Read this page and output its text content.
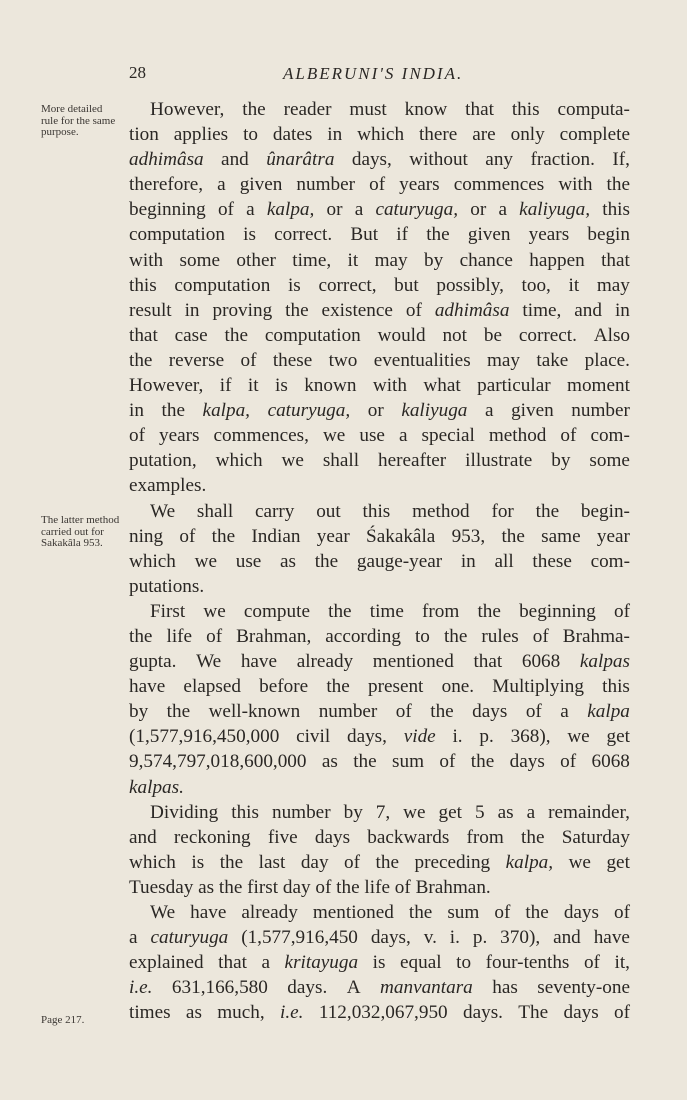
28	ALBERUNI'S INDIA.
More detailed rule for the same purpose.
The latter method carried out for Sakakâla 953.
Page 217.
However, the reader must know that this computa-
tion applies to dates in which there are only complete
adhimâsa and ûnarâtra days, without any fraction. If,
therefore, a given number of years commences with the
beginning of a kalpa, or a caturyuga, or a kaliyuga, this
computation is correct. But if the given years begin
with some other time, it may by chance happen that
this computation is correct, but possibly, too, it may
result in proving the existence of adhimâsa time, and in
that case the computation would not be correct. Also
the reverse of these two eventualities may take place.
However, if it is known with what particular moment
in the kalpa, caturyuga, or kaliyuga a given number
of years commences, we use a special method of com-
putation, which we shall hereafter illustrate by some
examples.
We shall carry out this method for the begin-
ning of the Indian year Śakakâla 953, the same year
which we use as the gauge-year in all these com-
putations.
First we compute the time from the beginning of
the life of Brahman, according to the rules of Brahma-
gupta. We have already mentioned that 6068 kalpas
have elapsed before the present one. Multiplying this
by the well-known number of the days of a kalpa
(1,577,916,450,000 civil days, vide i. p. 368), we get
9,574,797,018,600,000 as the sum of the days of 6068
kalpas.
Dividing this number by 7, we get 5 as a remainder,
and reckoning five days backwards from the Saturday
which is the last day of the preceding kalpa, we get
Tuesday as the first day of the life of Brahman.
We have already mentioned the sum of the days of
a caturyuga (1,577,916,450 days, v. i. p. 370), and have
explained that a kritayuga is equal to four-tenths of it,
i.e. 631,166,580 days. A manvantara has seventy-one
times as much, i.e. 112,032,067,950 days. The days of
